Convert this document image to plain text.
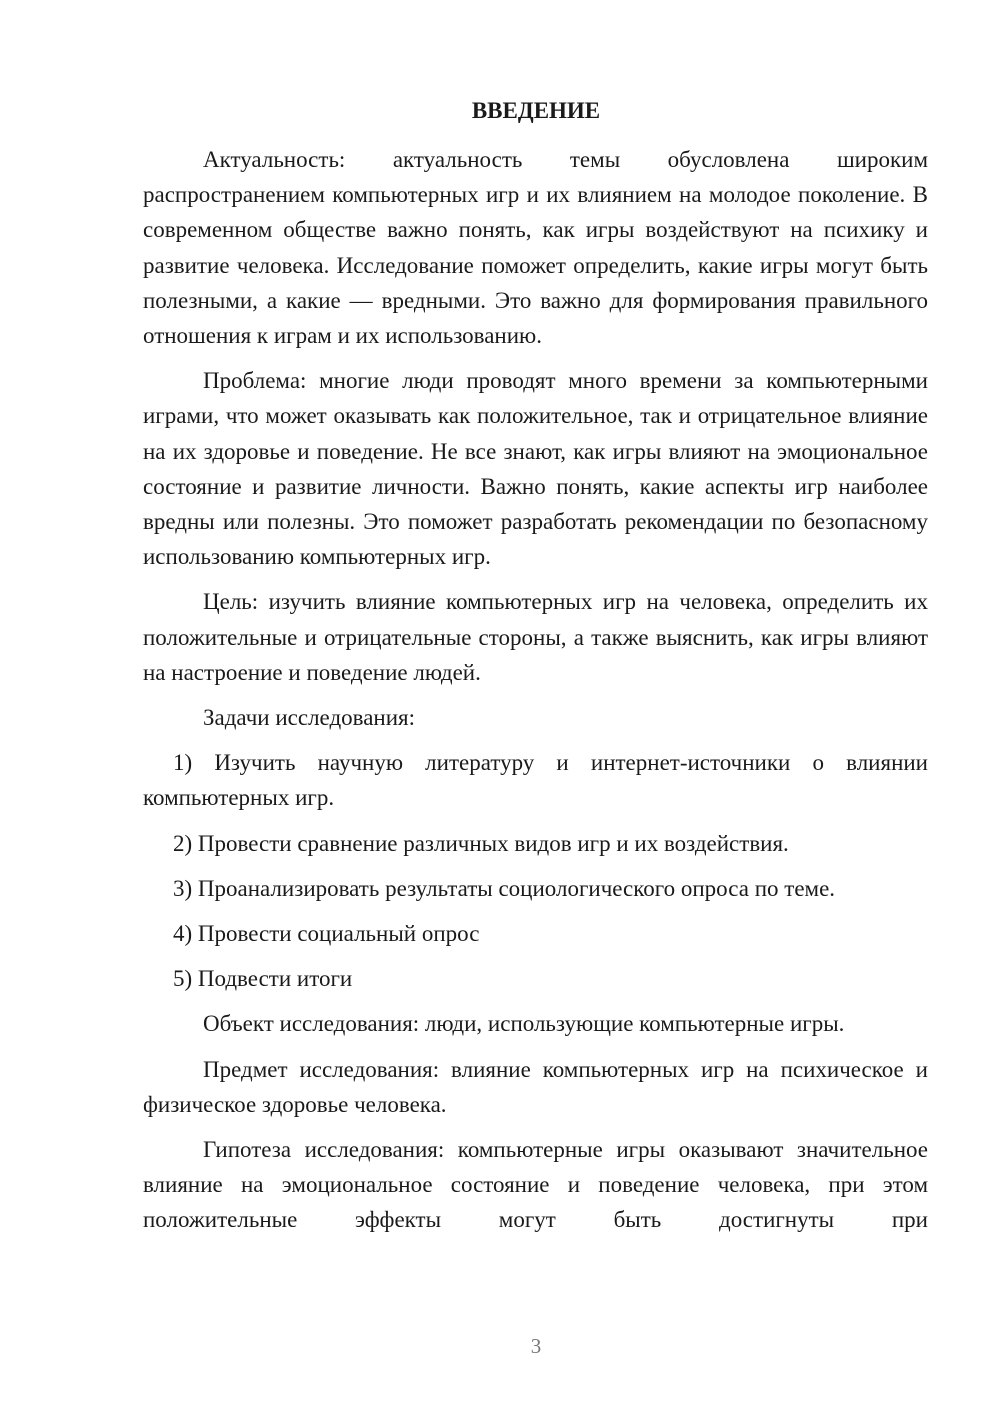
ВВЕДЕНИЕ

Актуальность: актуальность темы обусловлена широким распространением компьютерных игр и их влиянием на молодое поколение. В современном обществе важно понять, как игры воздействуют на психику и развитие человека. Исследование поможет определить, какие игры могут быть полезными, а какие — вредными. Это важно для формирования правильного отношения к играм и их использованию.

Проблема: многие люди проводят много времени за компьютерными играми, что может оказывать как положительное, так и отрицательное влияние на их здоровье и поведение. Не все знают, как игры влияют на эмоциональное состояние и развитие личности. Важно понять, какие аспекты игр наиболее вредны или полезны. Это поможет разработать рекомендации по безопасному использованию компьютерных игр.

Цель: изучить влияние компьютерных игр на человека, определить их положительные и отрицательные стороны, а также выяснить, как игры влияют на настроение и поведение людей.

Задачи исследования:

1) Изучить научную литературу и интернет-источники о влиянии компьютерных игр.

2) Провести сравнение различных видов игр и их воздействия.

3) Проанализировать результаты социологического опроса по теме.

4) Провести социальный опрос

5) Подвести итоги

Объект исследования: люди, использующие компьютерные игры.

Предмет исследования: влияние компьютерных игр на психическое и физическое здоровье человека.

Гипотеза исследования: компьютерные игры оказывают значительное влияние на эмоциональное состояние и поведение человека, при этом положительные эффекты могут быть достигнуты при

3
